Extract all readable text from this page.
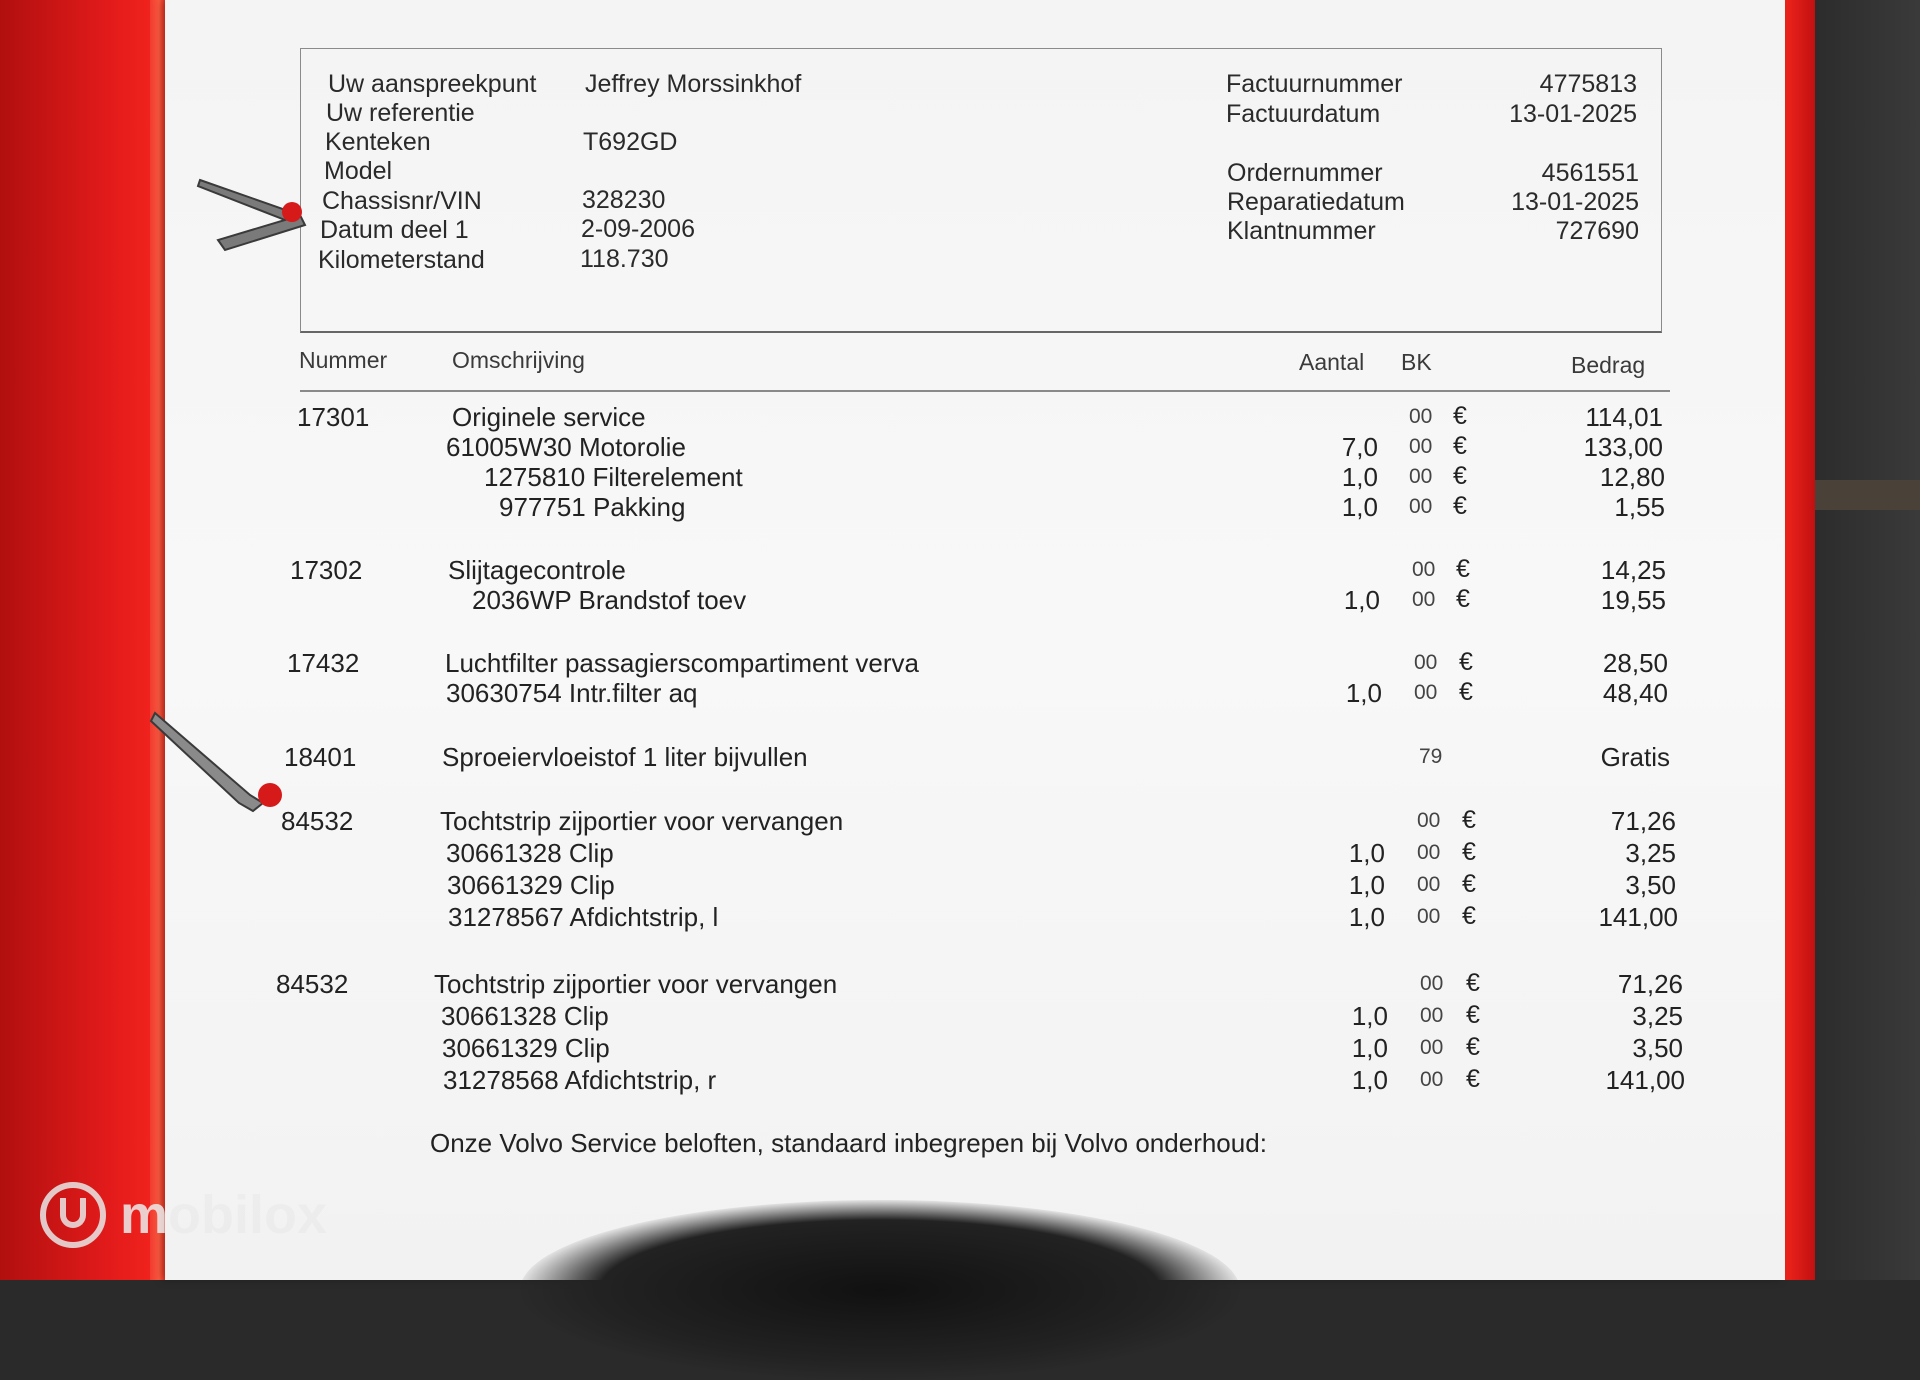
Uw aanspreekpunt Jeffrey Morssinkhof
Uw referentie
Kenteken	T692GD
Model
Chassisnr/VIN	328230
Datum deel 1	2-09-2006
Kilometerstand	118.730
Factuurnummer	4775813
Factuurdatum	13-01-2025
Ordernummer	4561551
Reparatiedatum	13-01-2025
Klantnummer	727690
Nummer	Omschrijving	Aantal BK	Bedrag
17301	Originele service	00 €	114,01
61005W30 Motorolie	7,0 00 €	133,00
1275810 Filterelement	1,0 00 €	12,80
977751 Pakking	1,0 00 €	1,55
17302	Slijtagecontrole	00 €	14,25
2036WP Brandstof toev	1,0 00 €	19,55
17432	Luchtfilter passagierscompartiment verva	00 €	28,50
30630754 Intr.filter aq	1,0 00 €	48,40
18401	Sproeiervloeistof 1 liter bijvullen	79	Gratis
84532	Tochtstrip zijportier voor vervangen	00 €	71,26
30661328 Clip	1,0 00 €	3,25
30661329 Clip	1,0 00 €	3,50
31278567 Afdichtstrip, l	1,0 00 €	141,00
84532	Tochtstrip zijportier voor vervangen	00 €	71,26
30661328 Clip	1,0 00 €	3,25
30661329 Clip	1,0 00 €	3,50
31278568 Afdichtstrip, r	1,0 00 €	141,00
Onze Volvo Service beloften, standaard inbegrepen bij Volvo onderhoud:
mobilox
